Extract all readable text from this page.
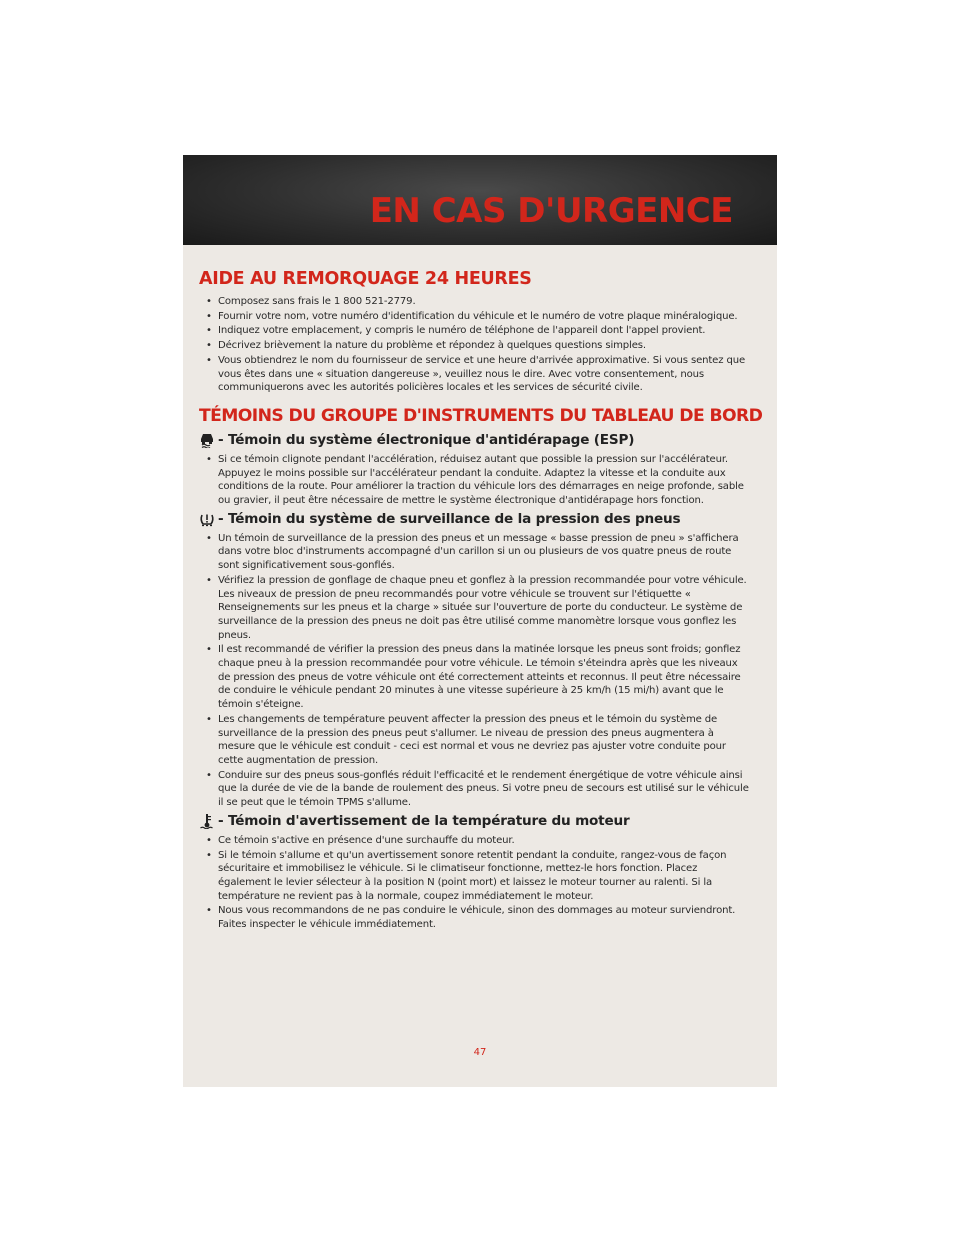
EN CAS D'URGENCE
AIDE AU REMORQUAGE 24 HEURES
• Composez sans frais le 1 800 521-2779.
• Fournir votre nom, votre numéro d'identification du véhicule et le numéro de votre plaque minéralogique.
• Indiquez votre emplacement, y compris le numéro de téléphone de l'appareil dont l'appel provient.
• Décrivez brièvement la nature du problème et répondez à quelques questions simples.
• Vous obtiendrez le nom du fournisseur de service et une heure d'arrivée approximative. Si vous sentez que vous êtes dans une « situation dangereuse », veuillez nous le dire. Avec votre consentement, nous communiquerons avec les autorités policières locales et les services de sécurité civile.
TÉMOINS DU GROUPE D'INSTRUMENTS DU TABLEAU DE BORD
- Témoin du système électronique d'antidérapage (ESP)
• Si ce témoin clignote pendant l'accélération, réduisez autant que possible la pression sur l'accélérateur. Appuyez le moins possible sur l'accélérateur pendant la conduite. Adaptez la vitesse et la conduite aux conditions de la route. Pour améliorer la traction du véhicule lors des démarrages en neige profonde, sable ou gravier, il peut être nécessaire de mettre le système électronique d'antidérapage hors fonction.
- Témoin du système de surveillance de la pression des pneus
• Un témoin de surveillance de la pression des pneus et un message « basse pression de pneu » s'affichera dans votre bloc d'instruments accompagné d'un carillon si un ou plusieurs de vos quatre pneus de route sont significativement sous-gonflés.
• Vérifiez la pression de gonflage de chaque pneu et gonflez à la pression recommandée pour votre véhicule. Les niveaux de pression de pneu recommandés pour votre véhicule se trouvent sur l'étiquette « Renseignements sur les pneus et la charge » située sur l'ouverture de porte du conducteur. Le système de surveillance de la pression des pneus ne doit pas être utilisé comme manomètre lorsque vous gonflez les pneus.
• Il est recommandé de vérifier la pression des pneus dans la matinée lorsque les pneus sont froids; gonflez chaque pneu à la pression recommandée pour votre véhicule. Le témoin s'éteindra après que les niveaux de pression des pneus de votre véhicule ont été correctement atteints et reconnus. Il peut être nécessaire de conduire le véhicule pendant 20 minutes à une vitesse supérieure à 25 km/h (15 mi/h) avant que le témoin s'éteigne.
• Les changements de température peuvent affecter la pression des pneus et le témoin du système de surveillance de la pression des pneus peut s'allumer. Le niveau de pression des pneus augmentera à mesure que le véhicule est conduit - ceci est normal et vous ne devriez pas ajuster votre conduite pour cette augmentation de pression.
• Conduire sur des pneus sous-gonflés réduit l'efficacité et le rendement énergétique de votre véhicule ainsi que la durée de vie de la bande de roulement des pneus. Si votre pneu de secours est utilisé sur le véhicule il se peut que le témoin TPMS s'allume.
- Témoin d'avertissement de la température du moteur
• Ce témoin s'active en présence d'une surchauffe du moteur.
• Si le témoin s'allume et qu'un avertissement sonore retentit pendant la conduite, rangez-vous de façon sécuritaire et immobilisez le véhicule. Si le climatiseur fonctionne, mettez-le hors fonction. Placez également le levier sélecteur à la position N (point mort) et laissez le moteur tourner au ralenti. Si la température ne revient pas à la normale, coupez immédiatement le moteur.
• Nous vous recommandons de ne pas conduire le véhicule, sinon des dommages au moteur surviendront. Faites inspecter le véhicule immédiatement.
47
